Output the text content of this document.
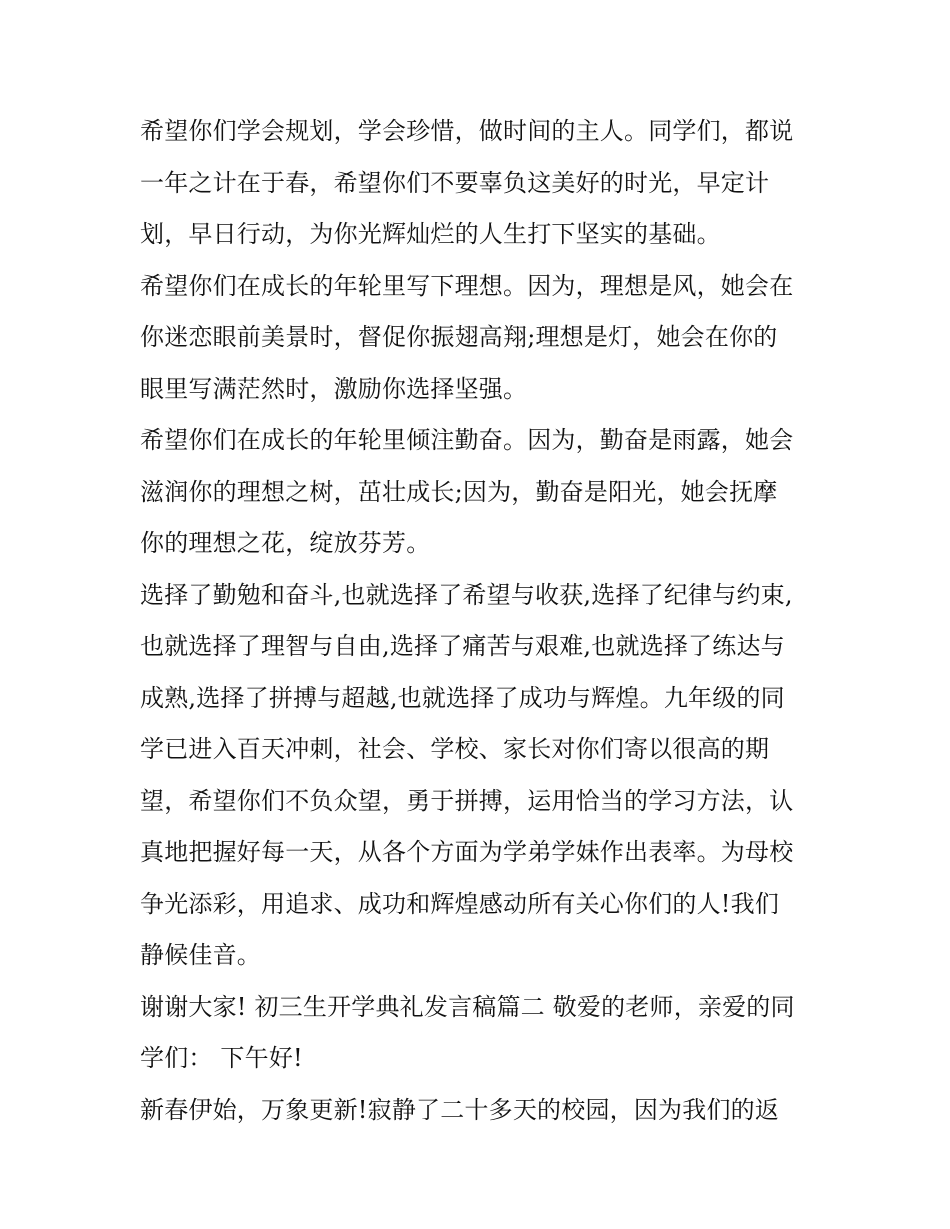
希望你们学会规划，学会珍惜，做时间的主人。同学们，都说
一年之计在于春，希望你们不要辜负这美好的时光，早定计
划，早日行动，为你光辉灿烂的人生打下坚实的基础。
希望你们在成长的年轮里写下理想。因为，理想是风，她会在
你迷恋眼前美景时，督促你振翅高翔;理想是灯，她会在你的
眼里写满茫然时，激励你选择坚强。
希望你们在成长的年轮里倾注勤奋。因为，勤奋是雨露，她会
滋润你的理想之树，茁壮成长;因为，勤奋是阳光，她会抚摩
你的理想之花，绽放芬芳。
选择了勤勉和奋斗,也就选择了希望与收获,选择了纪律与约束,
也就选择了理智与自由,选择了痛苦与艰难,也就选择了练达与
成熟,选择了拼搏与超越,也就选择了成功与辉煌。九年级的同
学已进入百天冲刺，社会、学校、家长对你们寄以很高的期
望，希望你们不负众望，勇于拼搏，运用恰当的学习方法，认
真地把握好每一天，从各个方面为学弟学妹作出表率。为母校
争光添彩，用追求、成功和辉煌感动所有关心你们的人!我们
静候佳音。
谢谢大家! 初三生开学典礼发言稿篇二 敬爱的老师，亲爱的同
学们： 下午好!
新春伊始，万象更新!寂静了二十多天的校园，因为我们的返
